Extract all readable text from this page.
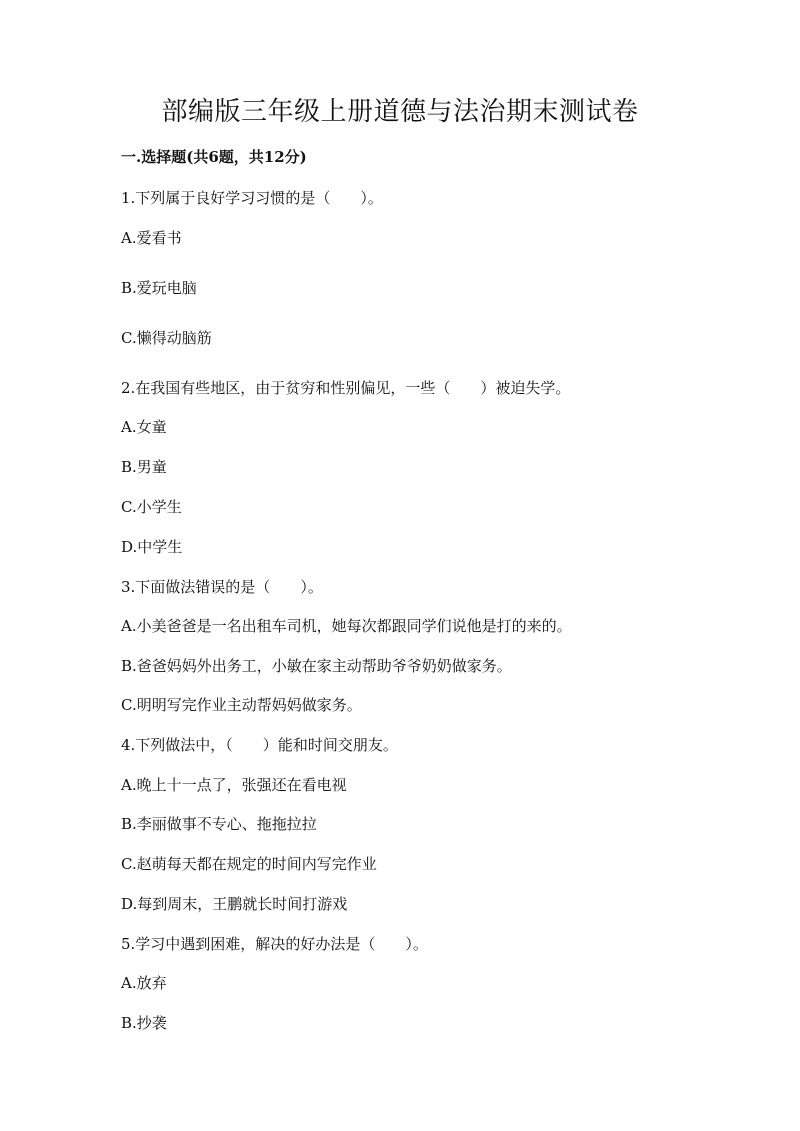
部编版三年级上册道德与法治期末测试卷
一.选择题(共6题，共12分)
1.下列属于良好学习习惯的是（　　）。
A.爱看书
B.爱玩电脑
C.懒得动脑筋
2.在我国有些地区，由于贫穷和性别偏见，一些（　　）被迫失学。
A.女童
B.男童
C.小学生
D.中学生
3.下面做法错误的是（　　）。
A.小美爸爸是一名出租车司机，她每次都跟同学们说他是打的来的。
B.爸爸妈妈外出务工，小敏在家主动帮助爷爷奶奶做家务。
C.明明写完作业主动帮妈妈做家务。
4.下列做法中，（　　）能和时间交朋友。
A.晚上十一点了，张强还在看电视
B.李丽做事不专心、拖拖拉拉
C.赵萌每天都在规定的时间内写完作业
D.每到周末，王鹏就长时间打游戏
5.学习中遇到困难，解决的好办法是（　　）。
A.放弃
B.抄袭
